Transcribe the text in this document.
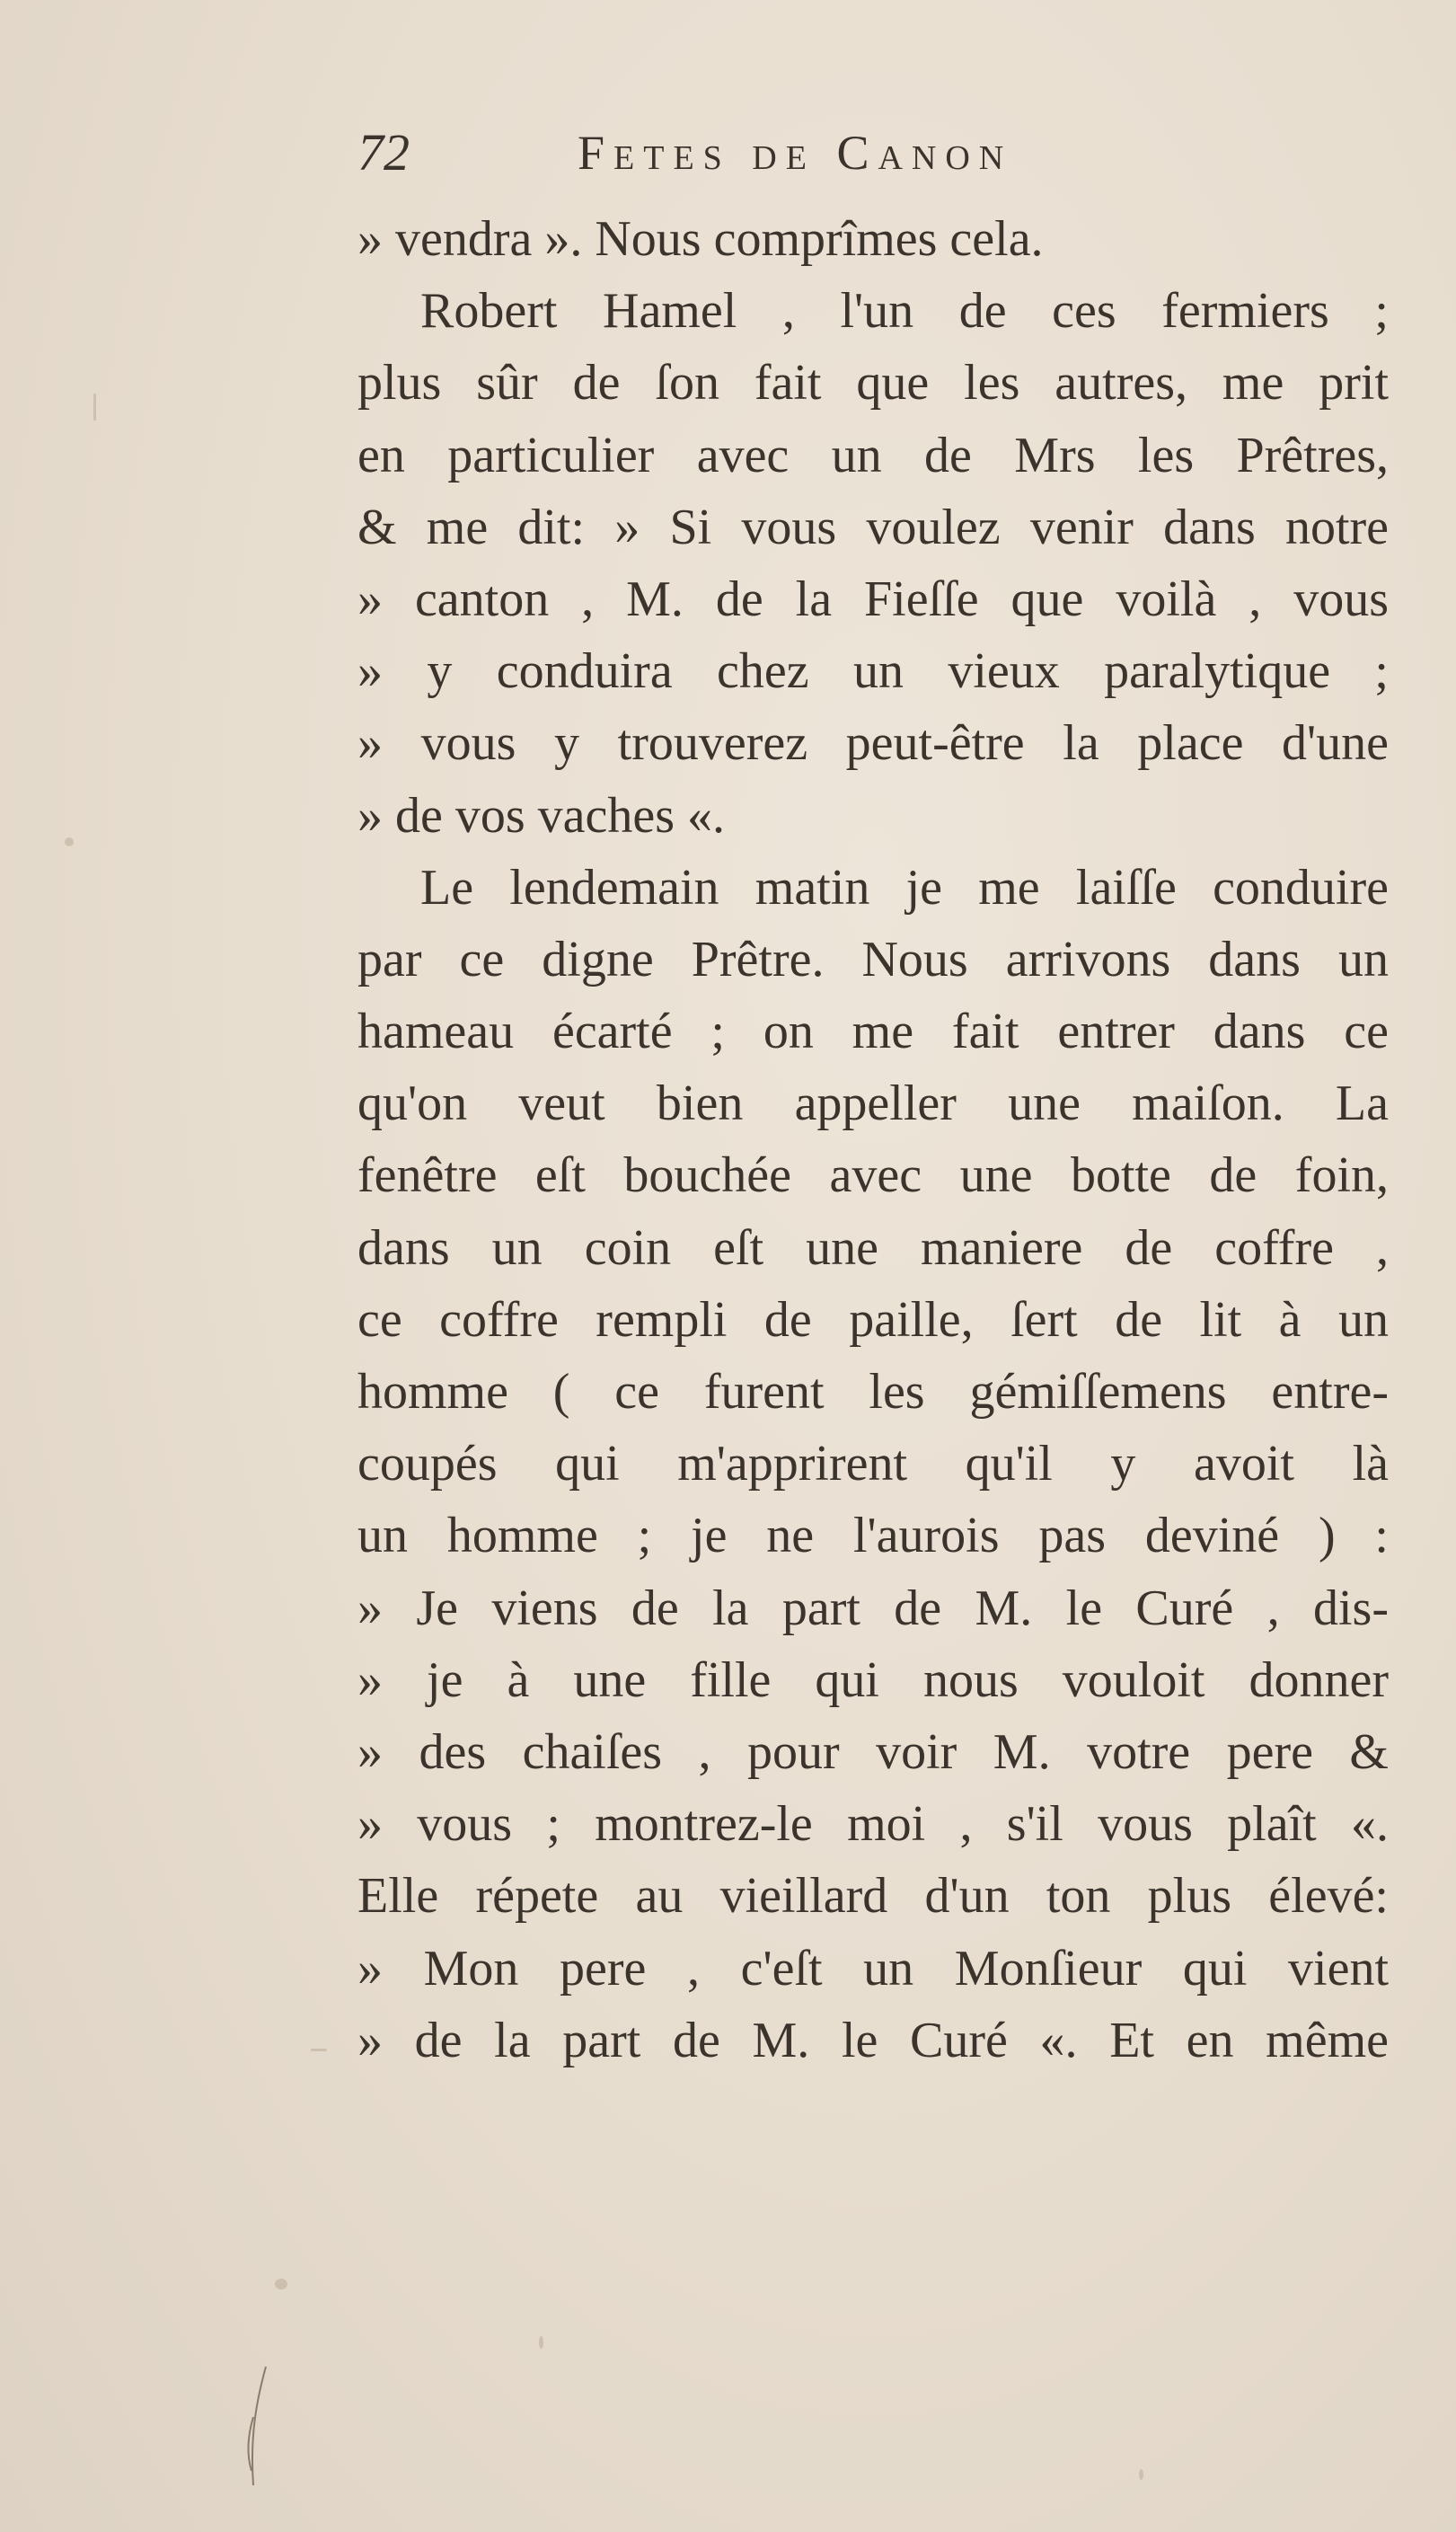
72	Fetes de Canon
» vendra ». Nous comprîmes cela.
Robert Hamel , l'un de ces fermiers ;
plus sûr de ſon fait que les autres, me prit
en particulier avec un de Mrs les Prêtres,
& me dit: » Si vous voulez venir dans notre
» canton , M. de la Fieſſe que voilà , vous
» y conduira chez un vieux paralytique ;
» vous y trouverez peut-être la place d'une
» de vos vaches «.
Le lendemain matin je me laiſſe conduire
par ce digne Prêtre. Nous arrivons dans un
hameau écarté ; on me fait entrer dans ce
qu'on veut bien appeller une maiſon. La
fenêtre eſt bouchée avec une botte de foin,
dans un coin eſt une maniere de coffre ,
ce coffre rempli de paille, ſert de lit à un
homme ( ce furent les gémiſſemens entre-
coupés qui m'apprirent qu'il y avoit là
un homme ; je ne l'aurois pas deviné ) :
» Je viens de la part de M. le Curé , dis-
» je à une fille qui nous vouloit donner
» des chaiſes , pour voir M. votre pere &
» vous ; montrez-le moi , s'il vous plaît «.
Elle répete au vieillard d'un ton plus élevé:
» Mon pere , c'eſt un Monſieur qui vient
» de la part de M. le Curé «. Et en même
